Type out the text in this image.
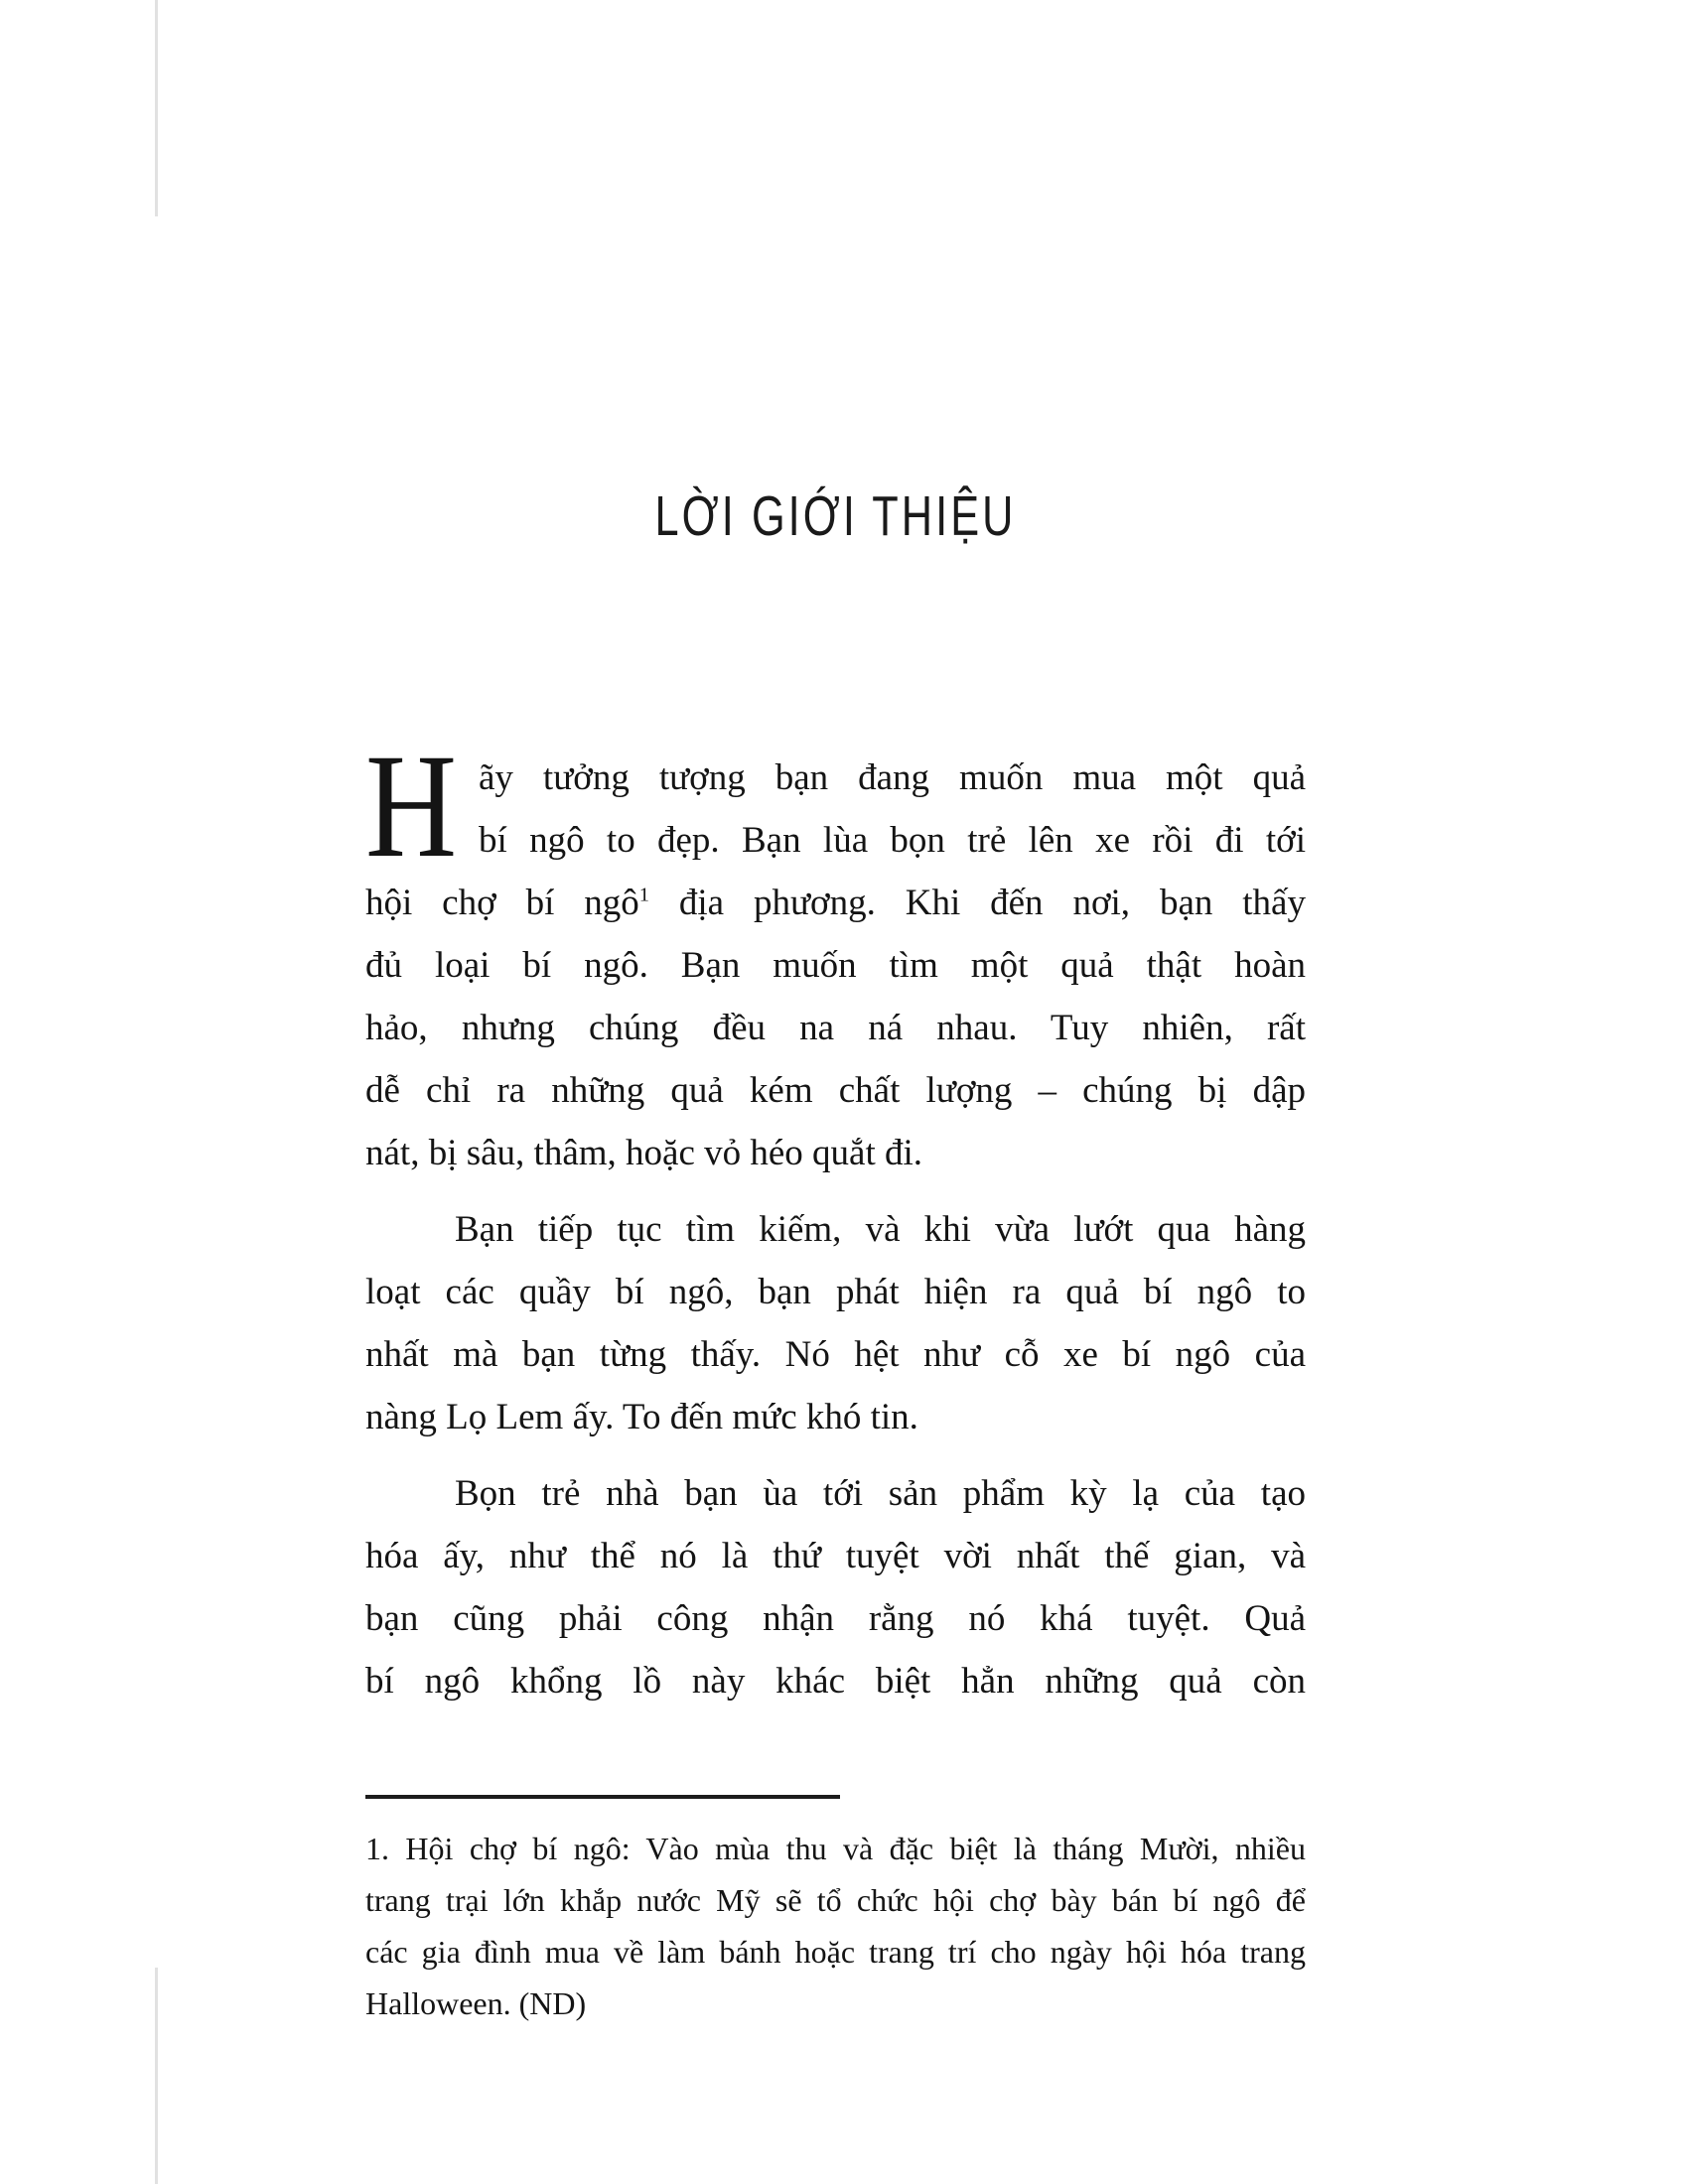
LỜI GIỚI THIỆU
H ãy tưởng tượng bạn đang muốn mua một quả
bí ngô to đẹp. Bạn lùa bọn trẻ lên xe rồi đi tới
hội chợ bí ngô$^1$ địa phương. Khi đến nơi, bạn thấy
đủ loại bí ngô. Bạn muốn tìm một quả thật hoàn
hảo, nhưng chúng đều na ná nhau. Tuy nhiên, rất
dễ chỉ ra những quả kém chất lượng – chúng bị dập
nát, bị sâu, thâm, hoặc vỏ héo quắt đi.
Bạn tiếp tục tìm kiếm, và khi vừa lướt qua hàng
loạt các quầy bí ngô, bạn phát hiện ra quả bí ngô to
nhất mà bạn từng thấy. Nó hệt như cỗ xe bí ngô của
nàng Lọ Lem ấy. To đến mức khó tin.
Bọn trẻ nhà bạn ùa tới sản phẩm kỳ lạ của tạo
hóa ấy, như thể nó là thứ tuyệt vời nhất thế gian, và
bạn cũng phải công nhận rằng nó khá tuyệt. Quả
bí ngô khổng lồ này khác biệt hẳn những quả còn
1. Hội chợ bí ngô: Vào mùa thu và đặc biệt là tháng Mười, nhiều
trang trại lớn khắp nước Mỹ sẽ tổ chức hội chợ bày bán bí ngô để
các gia đình mua về làm bánh hoặc trang trí cho ngày hội hóa trang
Halloween. (ND)
